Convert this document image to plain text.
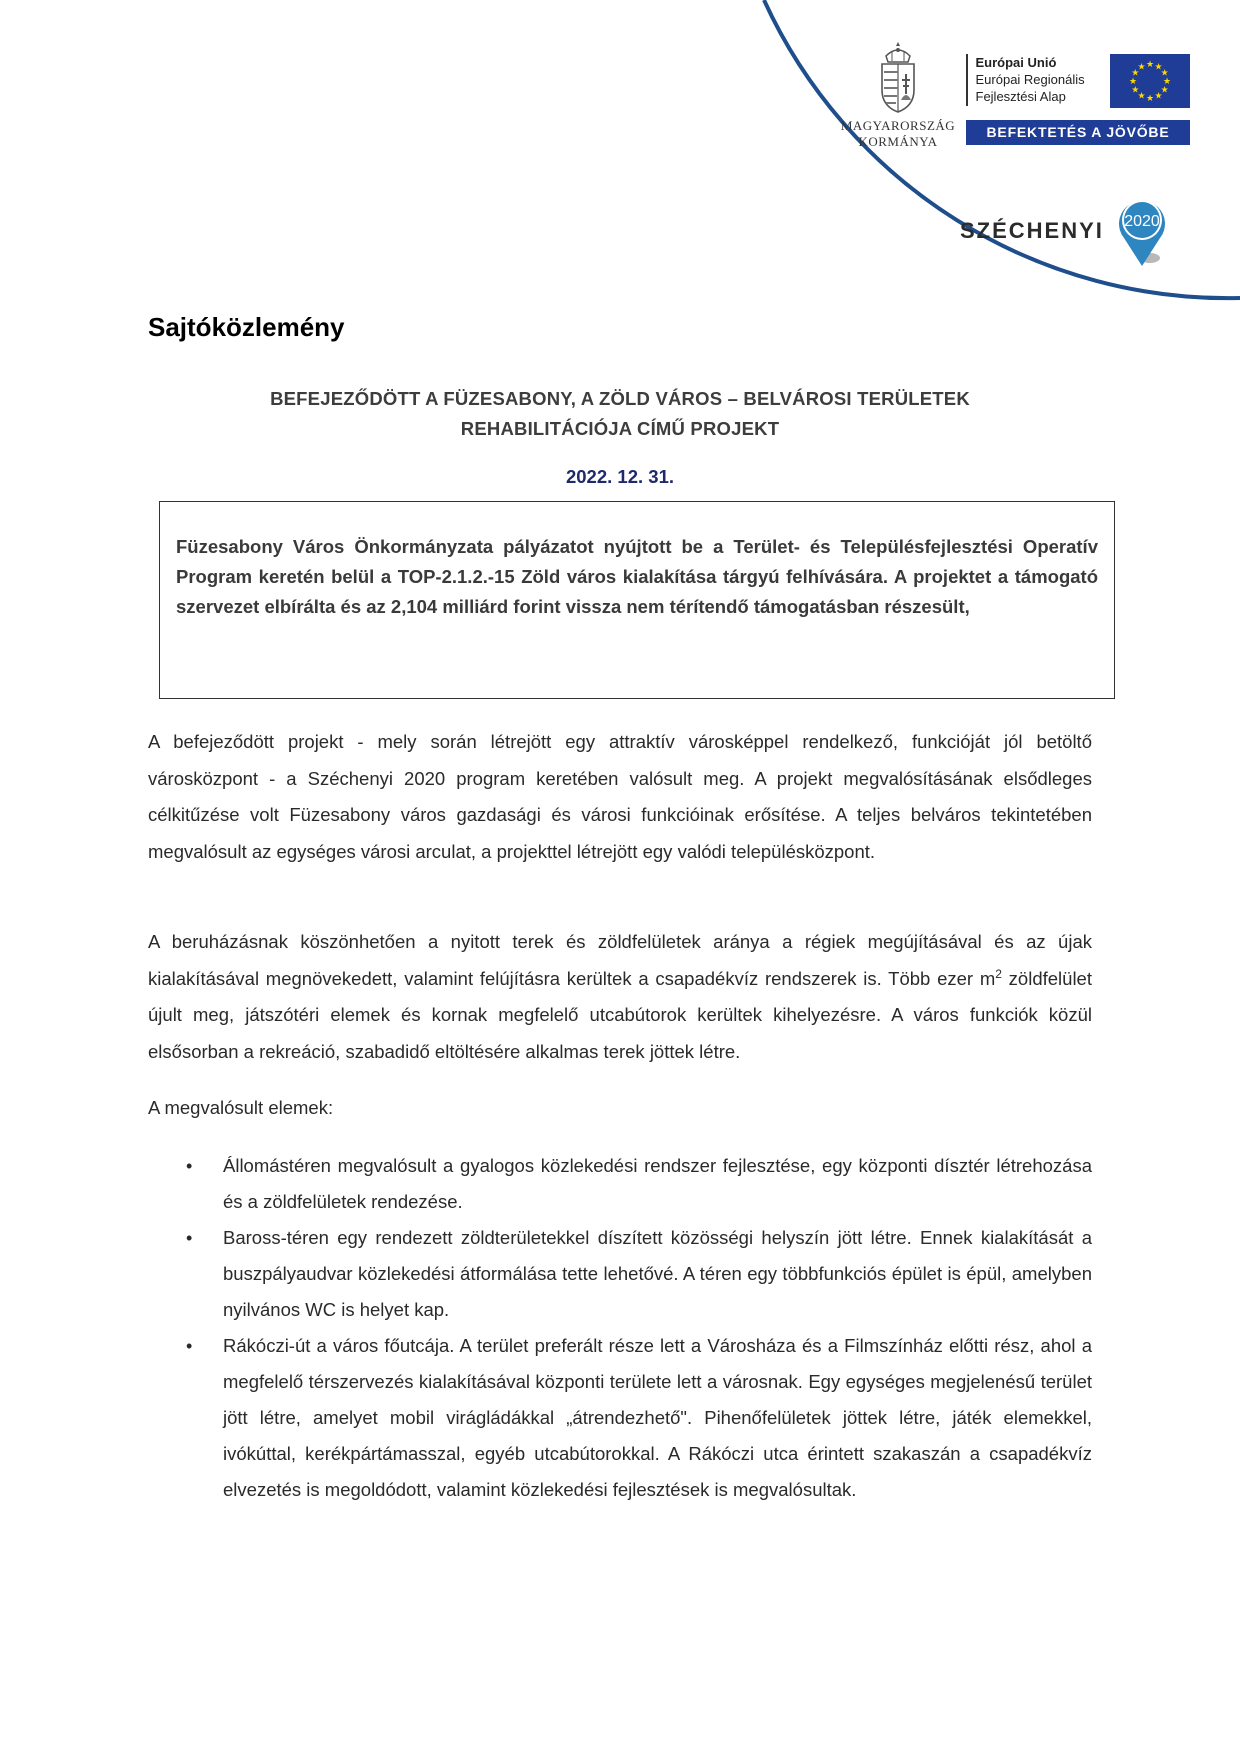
MAGYARORSZÁG
KORMÁNYA
Európai Unió
Európai Regionális
Fejlesztési Alap
★ ★
★
★
★
★
★
★
★
★
★
★
BEFEKTETÉS A JÖVŐBE
SZÉCHENYI 2020
Sajtóközlemény
BEFEJEZŐDÖTT A FÜZESABONY, A ZÖLD VÁROS – BELVÁROSI TERÜLETEK
REHABILITÁCIÓJA CÍMŰ PROJEKT
2022. 12. 31.

Füzesabony Város Önkormányzata pályázatot nyújtott be a Terület- és Településfejlesztési Operatív Program keretén belül a TOP-2.1.2.-15 Zöld város kialakítása tárgyú felhívására. A projektet a támogató szervezet elbírálta és az 2,104 milliárd forint vissza nem térítendő támogatásban részesült,

A befejeződött projekt - mely során létrejött egy attraktív városképpel rendelkező, funkcióját jól betöltő városközpont - a Széchenyi 2020 program keretében valósult meg. A projekt megvalósításának elsődleges célkitűzése volt Füzesabony város gazdasági és városi funkcióinak erősítése. A teljes belváros tekintetében megvalósult az egységes városi arculat, a projekttel létrejött egy valódi településközpont.

A beruházásnak köszönhetően a nyitott terek és zöldfelületek aránya a régiek megújításával és az újak kialakításával megnövekedett, valamint felújításra kerültek a csapadékvíz rendszerek is. Több ezer $m^2$ zöldfelület újult meg, játszótéri elemek és kornak megfelelő utcabútorok kerültek kihelyezésre. A város funkciók közül elsősorban a rekreáció, szabadidő eltöltésére alkalmas terek jöttek létre.

A megvalósult elemek:

• Állomástéren megvalósult a gyalogos közlekedési rendszer fejlesztése, egy központi dísztér létrehozása és a zöldfelületek rendezése.
• Baross-téren egy rendezett zöldterületekkel díszített közösségi helyszín jött létre. Ennek kialakítását a buszpályaudvar közlekedési átformálása tette lehetővé. A téren egy többfunkciós épület is épül, amelyben nyilvános WC is helyet kap.
• Rákóczi-út a város főutcája. A terület preferált része lett a Városháza és a Filmszínház előtti rész, ahol a megfelelő térszervezés kialakításával központi területe lett a városnak. Egy egységes megjelenésű terület jött létre, amelyet mobil virágládákkal „átrendezhető". Pihenőfelületek jöttek létre, játék elemekkel, ivókúttal, kerékpártámasszal, egyéb utcabútorokkal. A Rákóczi utca érintett szakaszán a csapadékvíz elvezetés is megoldódott, valamint közlekedési fejlesztések is megvalósultak.
